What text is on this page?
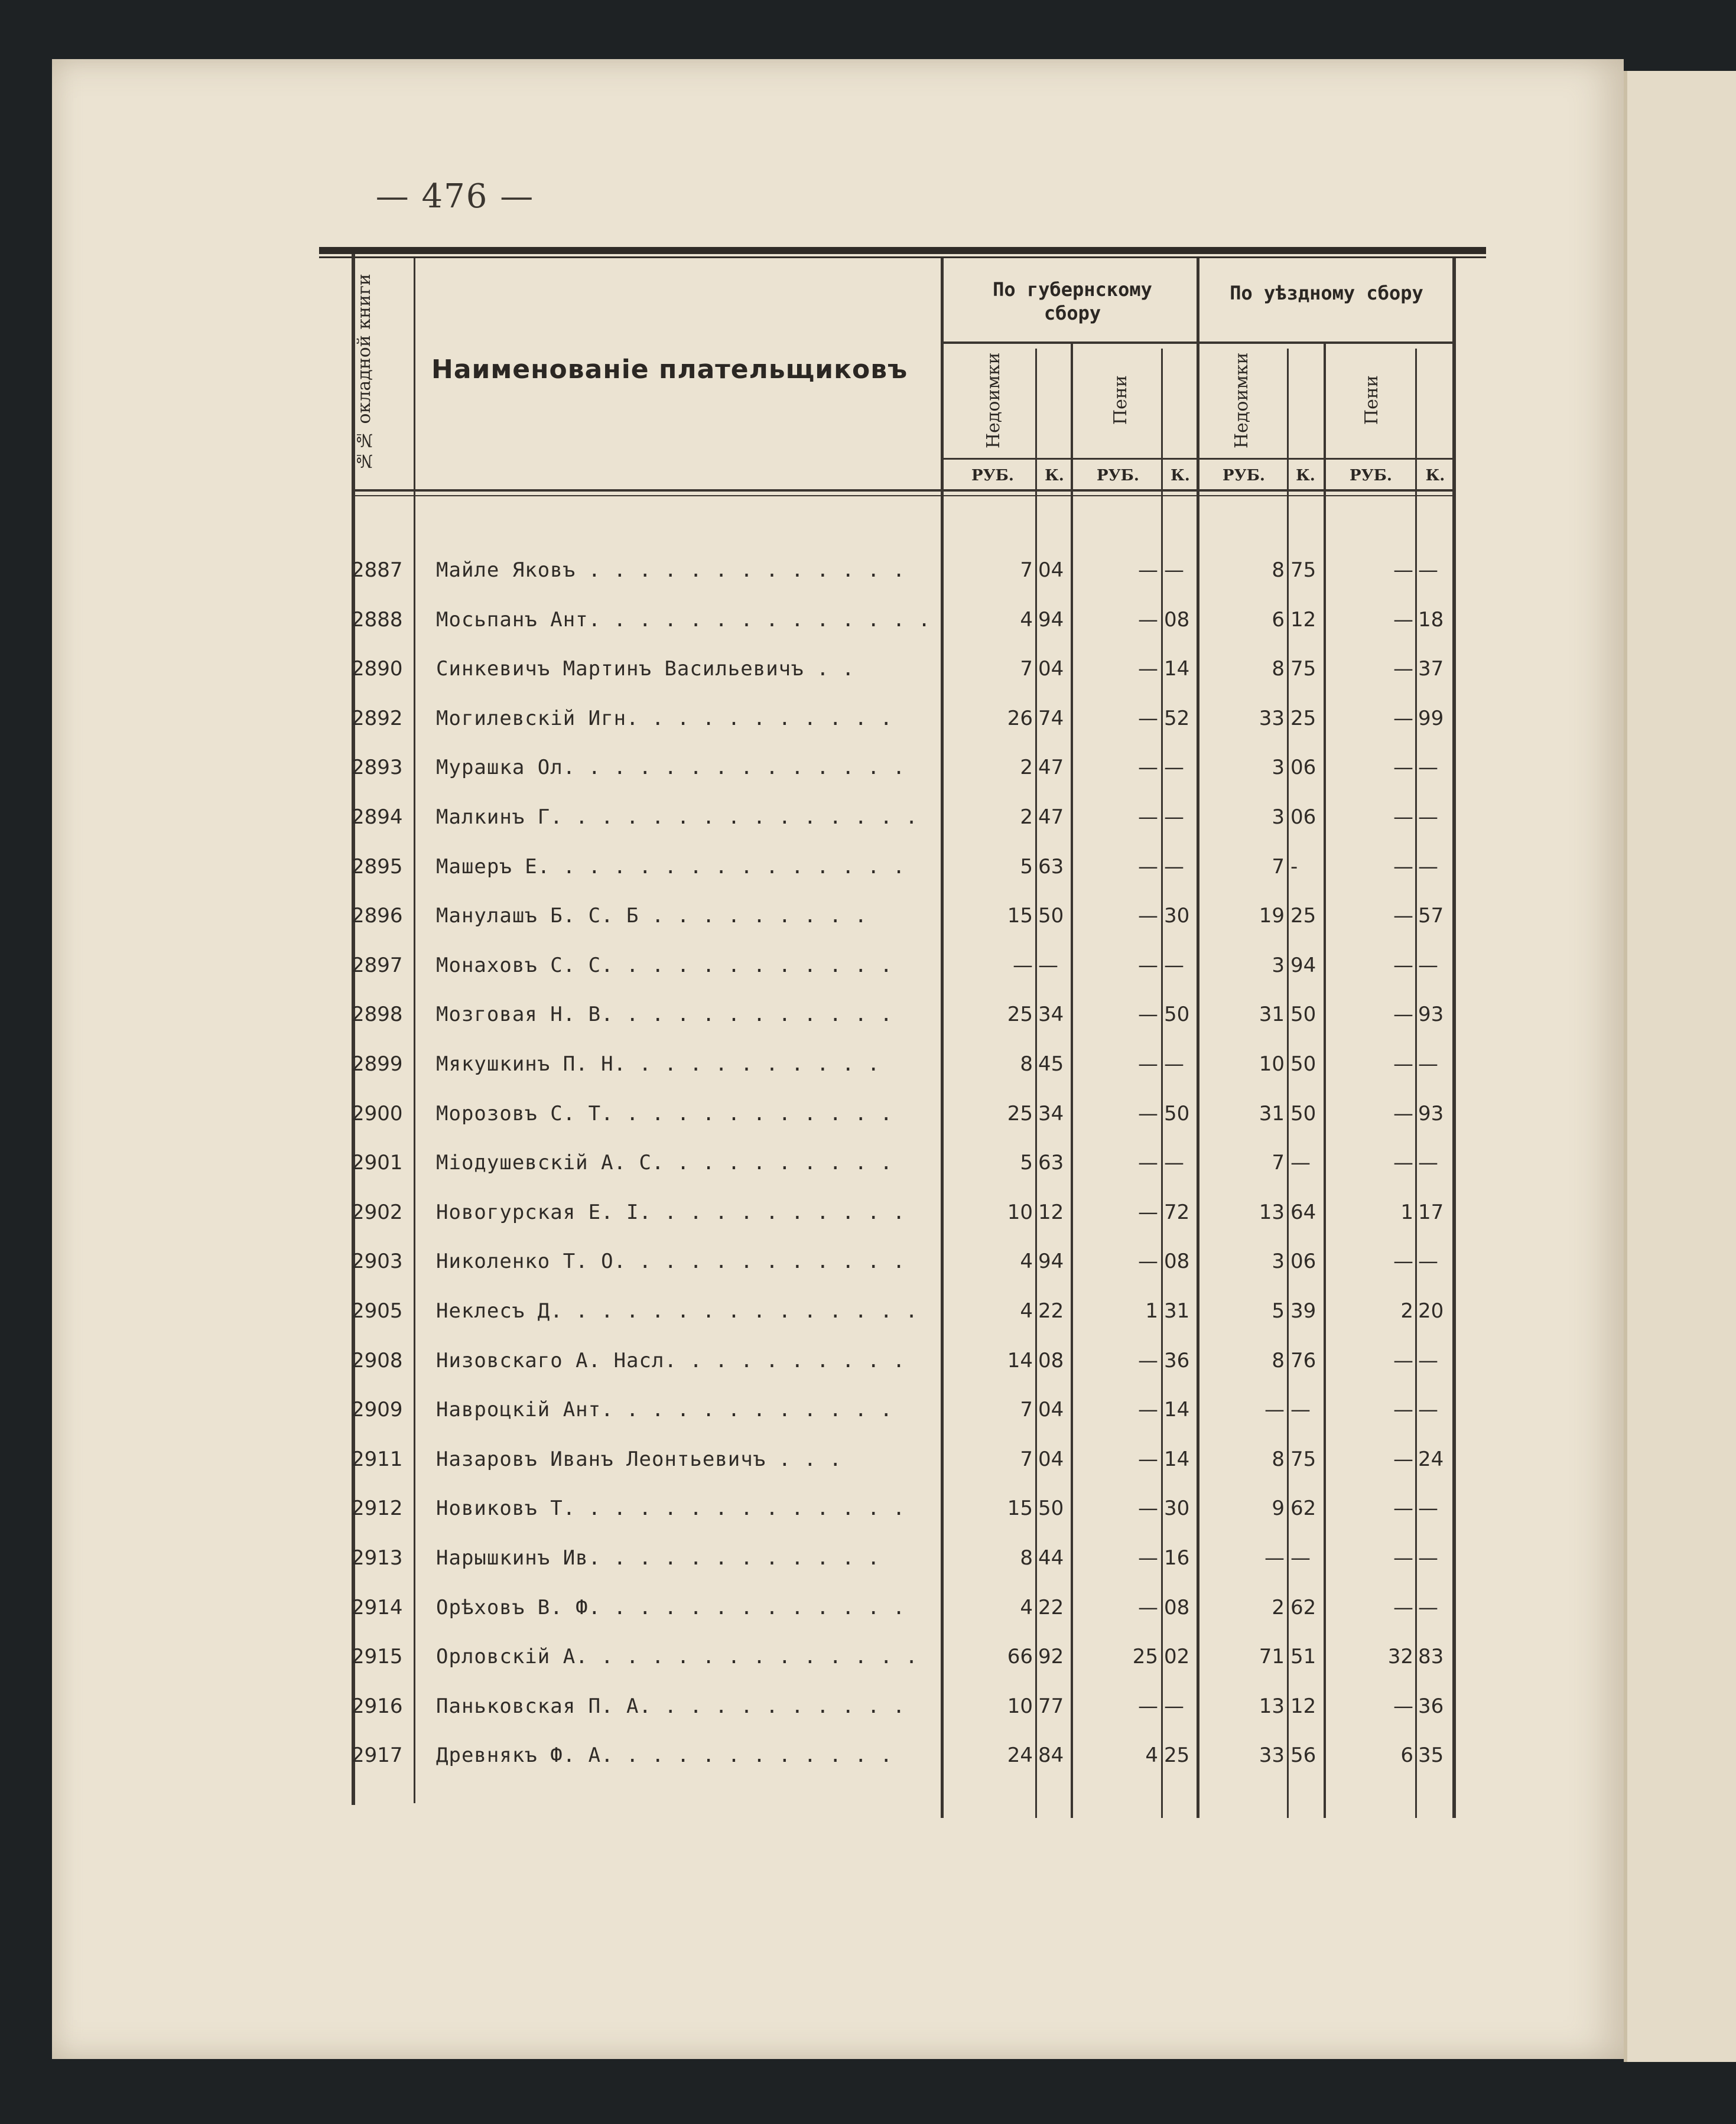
— 476 —
№№ окладной книги	Наименованіе плательщиковъ
По губернскому сбору
По уѣздному сбору
Недоимки	Пени	Недоимки	Пени
РУБ.	К.	РУБ.	К.	РУБ.	К.	РУБ.	К.
2887	Майле Яковъ . . . . . . . . . . . . .	7 04	— —	8 75	— —
2888	Мосьпанъ Ант. . . . . . . . . . . . . .	4 94	— 08	6 12	— 18
2890	Синкевичъ Мартинъ Васильевичъ . .	7 04	— 14	8 75	— 37
2892	Могилевскій Игн. . . . . . . . . . .	26 74	— 52	33 25	— 99
2893	Мурашка Ол. . . . . . . . . . . . . .	2 47	— —	3 06	— —
2894	Малкинъ Г. . . . . . . . . . . . . . .	2 47	— —	3 06	— —
2895	Машеръ Е. . . . . . . . . . . . . . .	5 63	— —	7 -	— —
2896	Манулашъ Б. С. Б . . . . . . . . .	15 50	— 30	19 25	— 57
2897	Монаховъ С. С. . . . . . . . . . . .	— —	— —	3 94	— —
2898	Мозговая Н. В. . . . . . . . . . . .	25 34	— 50	31 50	— 93
2899	Мякушкинъ П. Н. . . . . . . . . . .	8 45	— —	10 50	— —
2900	Морозовъ С. Т. . . . . . . . . . . .	25 34	— 50	31 50	— 93
2901	Міодушевскій А. С. . . . . . . . . .	5 63	— —	7 —	— —
2902	Новогурская Е. І. . . . . . . . . . .	10 12	— 72	13 64	1 17
2903	Николенко Т. О. . . . . . . . . . . .	4 94	— 08	3 06	— —
2905	Неклесъ Д. . . . . . . . . . . . . . .	4 22	1 31	5 39	2 20
2908	Низовскаго А. Насл. . . . . . . . . .	14 08	— 36	8 76	— —
2909	Навроцкій Ант. . . . . . . . . . . .	7 04	— 14	— —	— —
2911	Назаровъ Иванъ Леонтьевичъ . . .	7 04	— 14	8 75	— 24
2912	Новиковъ Т. . . . . . . . . . . . . .	15 50	— 30	9 62	— —
2913	Нарышкинъ Ив. . . . . . . . . . . .	8 44	— 16	— —	— —
2914	Орѣховъ В. Ф. . . . . . . . . . . . .	4 22	— 08	2 62	— —
2915	Орловскій А. . . . . . . . . . . . . .	66 92	25 02	71 51	32 83
2916	Паньковская П. А. . . . . . . . . . .	10 77	— —	13 12	— 36
2917	Древнякъ Ф. А. . . . . . . . . . . .	24 84	4 25	33 56	6 35
